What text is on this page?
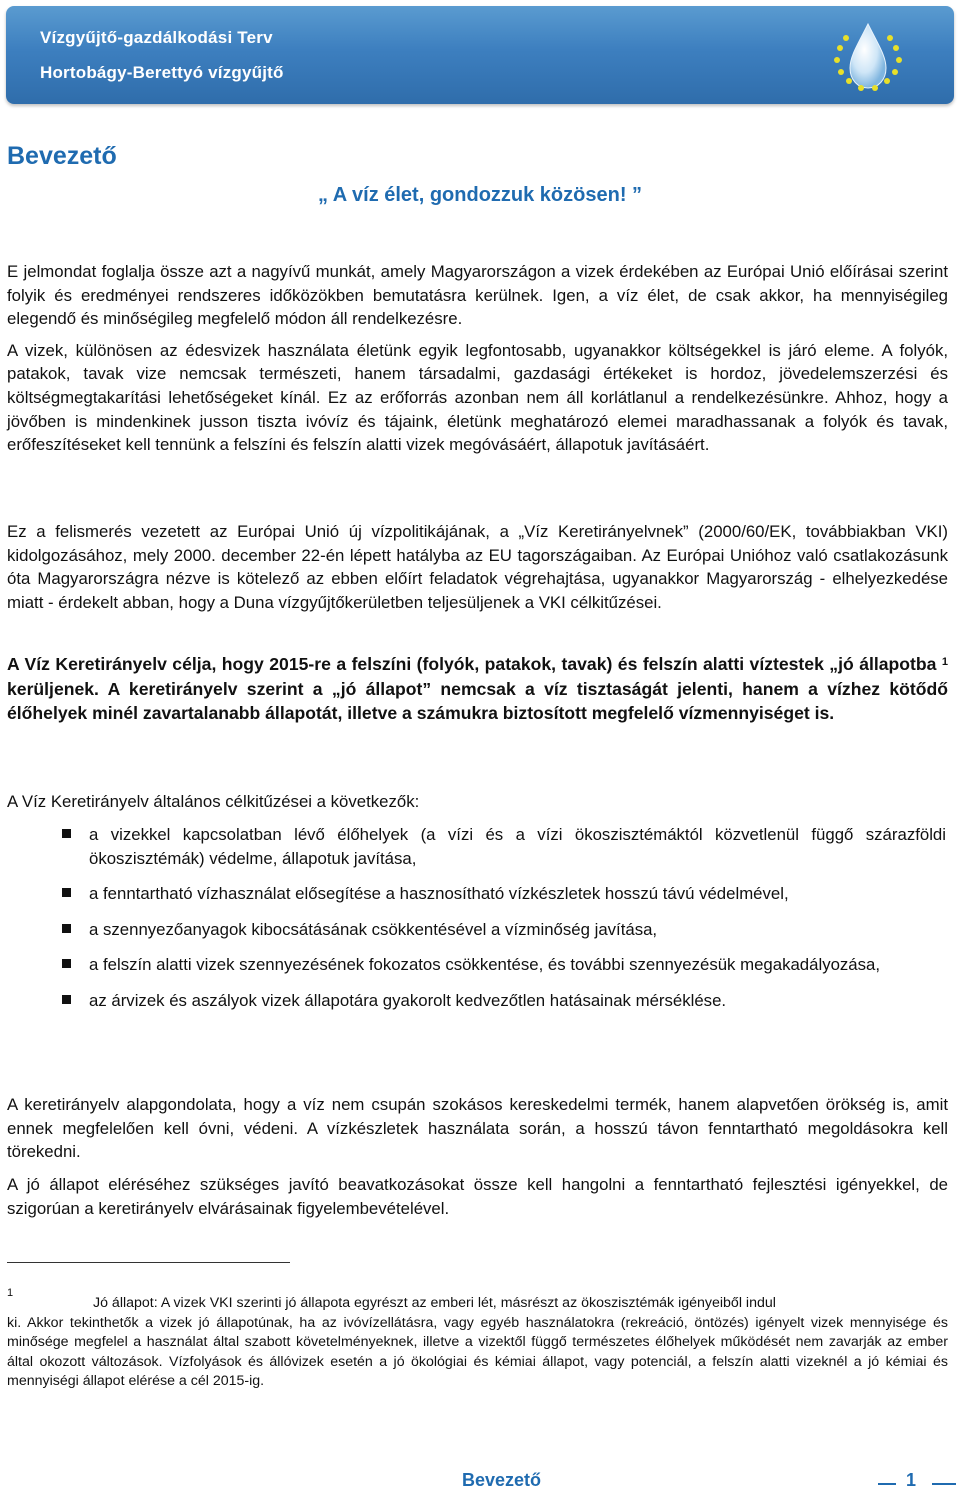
Vízgyűjtő-gazdálkodási Terv
Hortobágy-Berettyó vízgyűjtő
Bevezető
„ A víz élet, gondozzuk közösen! ”
E jelmondat foglalja össze azt a nagyívű munkát, amely Magyarországon a vizek érdekében az Európai Unió előírásai szerint folyik és eredményei rendszeres időközökben bemutatásra kerülnek. Igen, a víz élet, de csak akkor, ha mennyiségileg elegendő és minőségileg megfelelő módon áll rendelkezésre.
A vizek, különösen az édesvizek használata életünk egyik legfontosabb, ugyanakkor költségekkel is járó eleme. A folyók, patakok, tavak vize nemcsak természeti, hanem társadalmi, gazdasági értékeket is hordoz, jövedelemszerzési és költségmegtakarítási lehetőségeket kínál. Ez az erőforrás azonban nem áll korlátlanul a rendelkezésünkre. Ahhoz, hogy a jövőben is mindenkinek jusson tiszta ivóvíz és tájaink, életünk meghatározó elemei maradhassanak a folyók és tavak, erőfeszítéseket kell tennünk a felszíni és felszín alatti vizek megóvásáért, állapotuk javításáért.
Ez a felismerés vezetett az Európai Unió új vízpolitikájának, a „Víz Keretirányelvnek” (2000/60/EK, továbbiakban VKI) kidolgozásához, mely 2000. december 22-én lépett hatályba az EU tagországaiban. Az Európai Unióhoz való csatlakozásunk óta Magyarországra nézve is kötelező az ebben előírt feladatok végrehajtása, ugyanakkor Magyarország - elhelyezkedése miatt - érdekelt abban, hogy a Duna vízgyűjtőkerületben teljesüljenek a VKI célkitűzései.
A Víz Keretirányelv célja, hogy 2015-re a felszíni (folyók, patakok, tavak) és felszín alatti víztestek „jó állapotba $^1$ kerüljenek. A keretirányelv szerint a „jó állapot” nemcsak a víz tisztaságát jelenti, hanem a vízhez kötődő élőhelyek minél zavartalanabb állapotát, illetve a számukra biztosított megfelelő vízmennyiséget is.
A Víz Keretirányelv általános célkitűzései a következők:
a vizekkel kapcsolatban lévő élőhelyek (a vízi és a vízi ökoszisztémáktól közvetlenül függő szárazföldi ökoszisztémák) védelme, állapotuk javítása,
a fenntartható vízhasználat elősegítése a hasznosítható vízkészletek hosszú távú védelmével,
a szennyezőanyagok kibocsátásának csökkentésével a vízminőség javítása,
a felszín alatti vizek szennyezésének fokozatos csökkentése, és további szennyezésük megakadályozása,
az árvizek és aszályok vizek állapotára gyakorolt kedvezőtlen hatásainak mérséklése.
A keretirányelv alapgondolata, hogy a víz nem csupán szokásos kereskedelmi termék, hanem alapvetően örökség is, amit ennek megfelelően kell óvni, védeni. A vízkészletek használata során, a hosszú távon fenntartható megoldásokra kell törekedni.
A jó állapot eléréséhez szükséges javító beavatkozásokat össze kell hangolni a fenntartható fejlesztési igényekkel, de szigorúan a keretirányelv elvárásainak figyelembevételével.
1
Jó állapot: A vizek VKI szerinti jó állapota egyrészt az emberi lét, másrészt az ökoszisztémák igényeiből indul
ki. Akkor tekinthetők a vizek jó állapotúnak, ha az ivóvízellátásra, vagy egyéb használatokra (rekreáció, öntözés) igényelt vizek mennyisége és minősége megfelel a használat által szabott követelményeknek, illetve a vizektől függő természetes élőhelyek működését nem zavarják az ember által okozott változások. Vízfolyások és állóvizek esetén a jó ökológiai és kémiai állapot, vagy potenciál, a felszín alatti vizeknél a jó kémiai és mennyiségi állapot elérése a cél 2015-ig.
Bevezető	1
